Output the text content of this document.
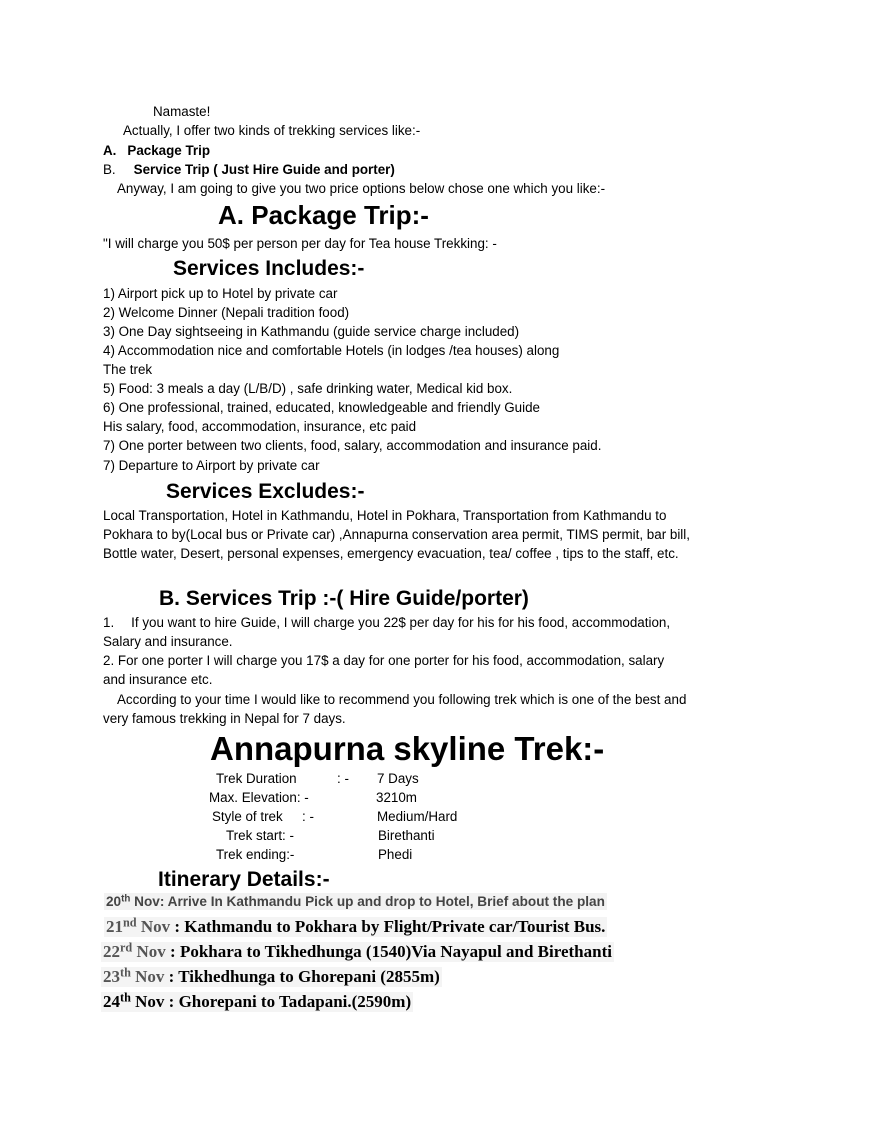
Namaste!
Actually, I offer two kinds of trekking services like:-
A. Package Trip
B. Service Trip ( Just Hire Guide and porter)
Anyway, I am going to give you two price options below chose one which you like:-
A. Package Trip:-
"I will charge you 50$ per person per day for Tea house Trekking: -
Services Includes:-
1) Airport pick up to Hotel by private car
2) Welcome Dinner (Nepali tradition food)
3) One Day sightseeing in Kathmandu (guide service charge included)
4) Accommodation nice and comfortable Hotels (in lodges /tea houses) along
The trek
5) Food: 3 meals a day (L/B/D) , safe drinking water, Medical kid box.
6) One professional, trained, educated, knowledgeable and friendly Guide
His salary, food, accommodation, insurance, etc paid
7) One porter between two clients, food, salary, accommodation and insurance paid.
7) Departure to Airport by private car
Services Excludes:-
Local Transportation, Hotel in Kathmandu, Hotel in Pokhara, Transportation from Kathmandu to
Pokhara to by(Local bus or Private car) ,Annapurna conservation area permit, TIMS permit, bar bill,
Bottle water, Desert, personal expenses, emergency evacuation, tea/ coffee , tips to the staff, etc.
B. Services Trip :-( Hire Guide/porter)
1. If you want to hire Guide, I will charge you 22$ per day for his for his food, accommodation,
Salary and insurance.
2. For one porter I will charge you 17$ a day for one porter for his food, accommodation, salary
and insurance etc.
According to your time I would like to recommend you following trek which is one of the best and
very famous trekking in Nepal for 7 days.
Annapurna skyline Trek:-
Trek Duration	: - 7 Days
Max. Elevation: -	3210m
Style of trek : -	Medium/Hard
Trek start: -	Birethanti
Trek ending:-	Phedi
Itinerary Details:-
20th Nov: Arrive In Kathmandu Pick up and drop to Hotel, Brief about the plan
21nd Nov : Kathmandu to Pokhara by Flight/Private car/Tourist Bus.
22rd Nov : Pokhara to Tikhedhunga (1540)Via Nayapul and Birethanti
23th Nov : Tikhedhunga to Ghorepani (2855m)
24th Nov : Ghorepani to Tadapani.(2590m)
